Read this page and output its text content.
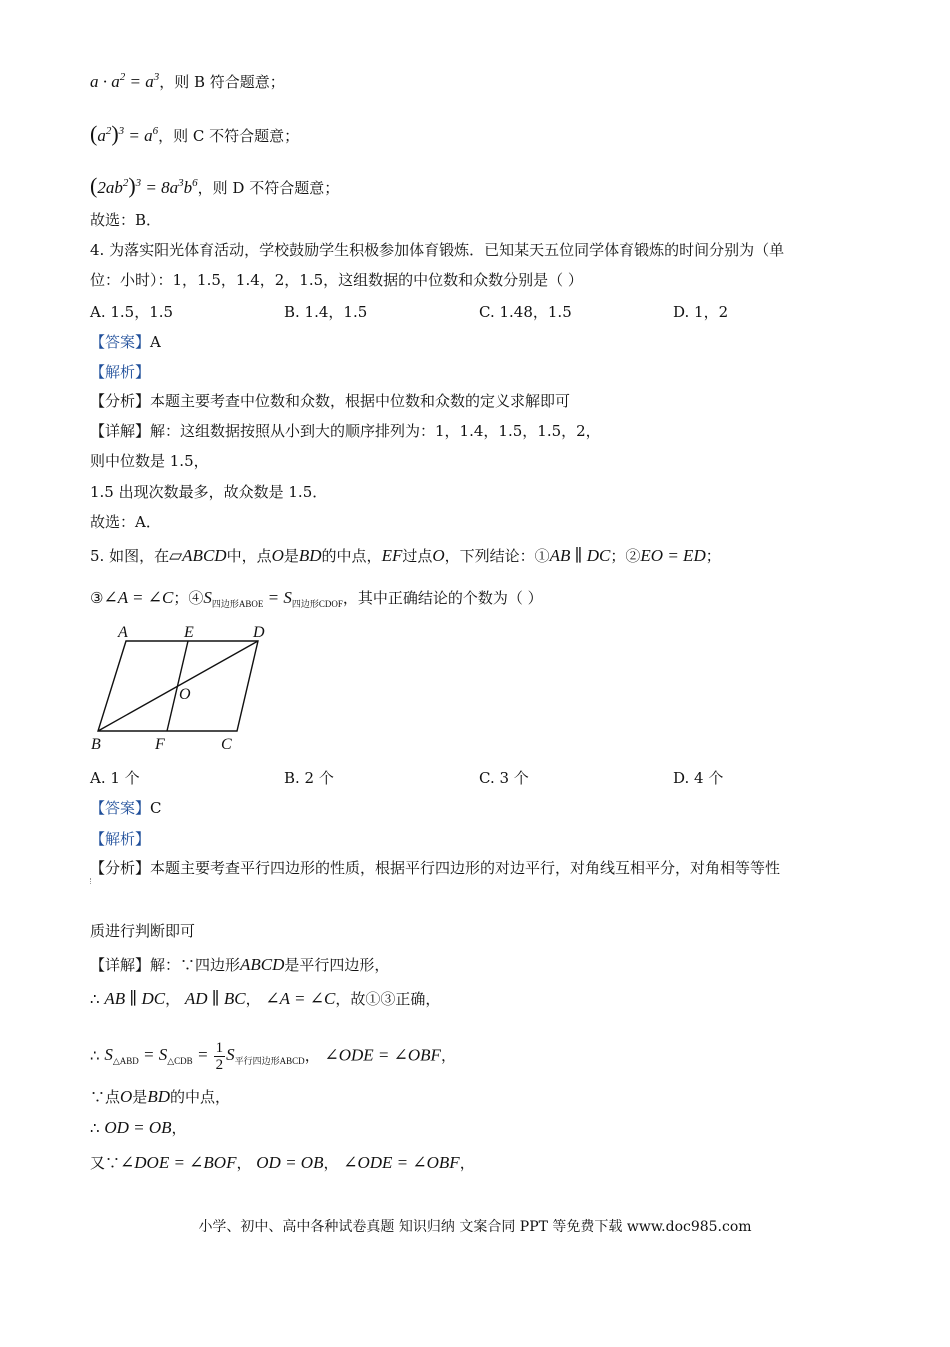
$a \cdot a^2 = a^3$，则 B 符合题意；
$(a^2)^3 = a^6$，则 C 不符合题意；
$(2ab^2)^3 = 8a^3b^6$，则 D 不符合题意；
故选：B．
4. 为落实阳光体育活动，学校鼓励学生积极参加体育锻炼．已知某天五位同学体育锻炼的时间分别为（单
位：小时）：1，1.5，1.4，2，1.5，这组数据的中位数和众数分别是（ ）
A. 1.5，1.5	B. 1.4，1.5	C. 1.48，1.5	D. 1，2
【答案】A
【解析】
【分析】本题主要考查中位数和众数，根据中位数和众数的定义求解即可
【详解】解：这组数据按照从小到大的顺序排列为：1，1.4，1.5，1.5，2，
则中位数是 1.5，
1.5 出现次数最多，故众数是 1.5．
故选：A．
5. 如图，在▱ABCD中，点O是BD的中点，EF过点O，下列结论：①AB ∥ DC；②EO = ED；
③∠A = ∠C；$④S_{四边形ABOE} = S_{四边形CDOF}$，其中正确结论的个数为（ ）
A	E	D
O
B	F	C
A. 1 个	B. 2 个	C. 3 个	D. 4 个
【答案】C
【解析】
【分析】本题主要考查平行四边形的性质，根据平行四边形的对边平行，对角线互相平分，对角相等等性
质进行判断即可
【详解】解：∵四边形ABCD是平行四边形，
∴ AB ∥ DC， AD ∥ BC， ∠A = ∠C，故①③正确，
∴ $S_{\triangle ABD} = S_{\triangle CDB} = \frac{1}{2} S_{平行四边形ABCD}$， ∠ODE = ∠OBF，
∵点O是BD的中点，
∴ OD = OB，
又∵∠DOE = ∠BOF， OD = OB， ∠ODE = ∠OBF，
小学、初中、高中各种试卷真题 知识归纳 文案合同 PPT 等免费下载 www.doc985.com
